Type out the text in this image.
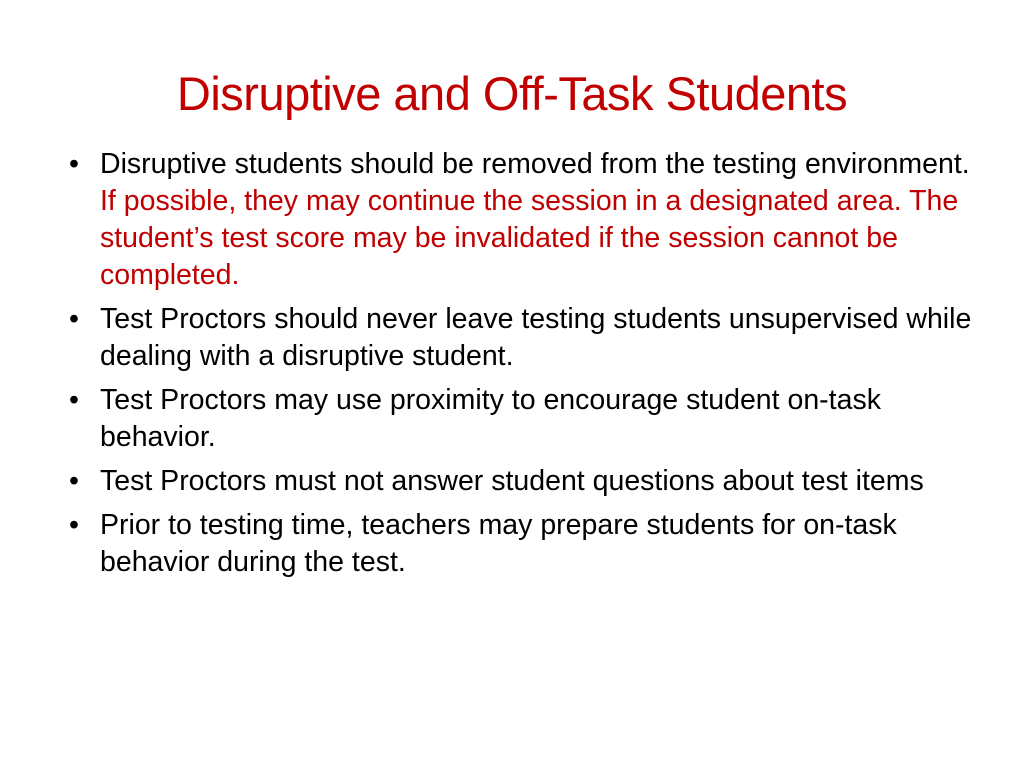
Disruptive and Off-Task Students
• Disruptive students should be removed from the testing environment. If possible, they may continue the session in a designated area. The student’s test score may be invalidated if the session cannot be completed.
• Test Proctors should never leave testing students unsupervised while dealing with a disruptive student.
• Test Proctors may use proximity to encourage student on-task behavior.
• Test Proctors must not answer student questions about test items
• Prior to testing time, teachers may prepare students for on-task behavior during the test.
